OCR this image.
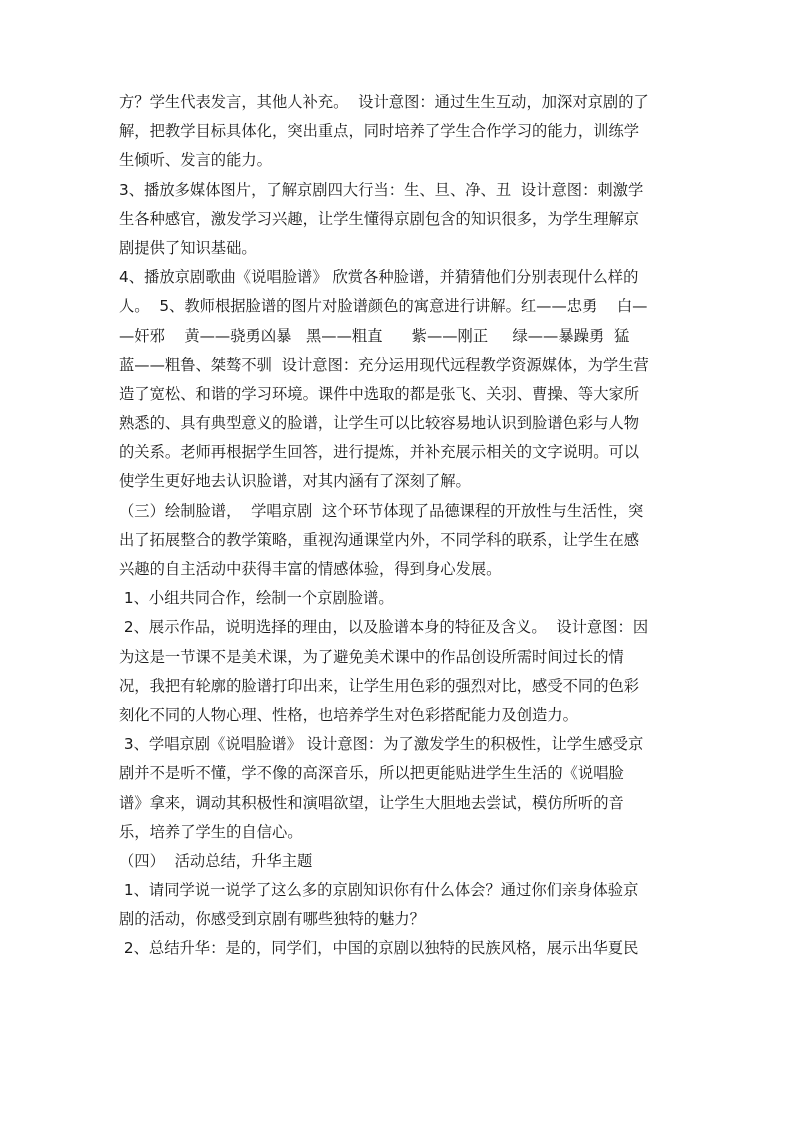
方？学生代表发言，其他人补充。  设计意图：通过生生互动，加深对京剧的了
解，把教学目标具体化，突出重点，同时培养了学生合作学习的能力，训练学
生倾听、发言的能力。
3、播放多媒体图片，了解京剧四大行当：生、旦、净、丑  设计意图：刺激学
生各种感官，激发学习兴趣，让学生懂得京剧包含的知识很多，为学生理解京
剧提供了知识基础。
4、播放京剧歌曲《说唱脸谱》 欣赏各种脸谱，并猜猜他们分别表现什么样的
人。  5、教师根据脸谱的图片对脸谱颜色的寓意进行讲解。红——忠勇    白—
—奸邪    黄——骁勇凶暴   黑——粗直      紫——刚正     绿——暴躁勇  猛
蓝——粗鲁、桀骜不驯  设计意图：充分运用现代远程教学资源媒体，为学生营
造了宽松、和谐的学习环境。课件中选取的都是张飞、关羽、曹操、等大家所
熟悉的、具有典型意义的脸谱，让学生可以比较容易地认识到脸谱色彩与人物
的关系。老师再根据学生回答，进行提炼，并补充展示相关的文字说明。可以
使学生更好地去认识脸谱，对其内涵有了深刻了解。
（三）绘制脸谱，  学唱京剧  这个环节体现了品德课程的开放性与生活性，突
出了拓展整合的教学策略，重视沟通课堂内外，不同学科的联系，让学生在感
兴趣的自主活动中获得丰富的情感体验，得到身心发展。
1、小组共同合作，绘制一个京剧脸谱。
2、展示作品，说明选择的理由，以及脸谱本身的特征及含义。  设计意图：因
为这是一节课不是美术课，为了避免美术课中的作品创设所需时间过长的情
况，我把有轮廓的脸谱打印出来，让学生用色彩的强烈对比，感受不同的色彩
刻化不同的人物心理、性格，也培养学生对色彩搭配能力及创造力。
3、学唱京剧《说唱脸谱》 设计意图：为了激发学生的积极性，让学生感受京
剧并不是听不懂，学不像的高深音乐，所以把更能贴进学生生活的《说唱脸
谱》拿来，调动其积极性和演唱欲望，让学生大胆地去尝试，模仿所听的音
乐，培养了学生的自信心。
（四）  活动总结，升华主题
1、请同学说一说学了这么多的京剧知识你有什么体会？通过你们亲身体验京
剧的活动，你感受到京剧有哪些独特的魅力？
2、总结升华：是的，同学们，中国的京剧以独特的民族风格，展示出华夏民
